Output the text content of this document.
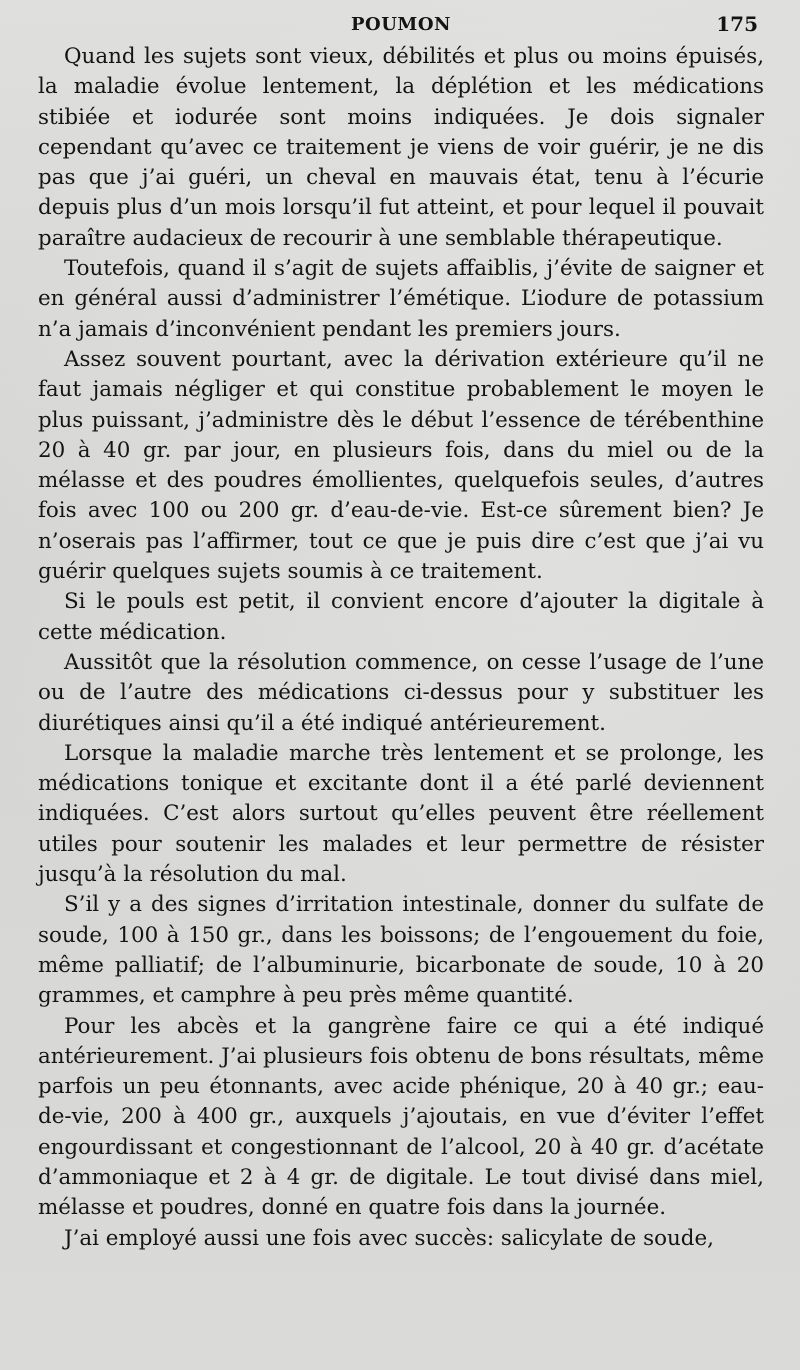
POUMON	175

Quand les sujets sont vieux, débilités et plus ou moins épuisés, la maladie évolue lentement, la déplétion et les médications stibiée et iodurée sont moins indiquées. Je dois signaler cependant qu’avec ce traitement je viens de voir guérir, je ne dis pas que j’ai guéri, un cheval en mauvais état, tenu à l’écurie depuis plus d’un mois lorsqu’il fut atteint, et pour lequel il pouvait paraître audacieux de recourir à une semblable thérapeutique.

Toutefois, quand il s’agit de sujets affaiblis, j’évite de saigner et en général aussi d’administrer l’émétique. L’iodure de potassium n’a jamais d’inconvénient pendant les premiers jours.

Assez souvent pourtant, avec la dérivation extérieure qu’il ne faut jamais négliger et qui constitue probablement le moyen le plus puissant, j’administre dès le début l’essence de térébenthine 20 à 40 gr. par jour, en plusieurs fois, dans du miel ou de la mélasse et des poudres émollientes, quelquefois seules, d’autres fois avec 100 ou 200 gr. d’eau-de-vie. Est-ce sûrement bien? Je n’oserais pas l’affirmer, tout ce que je puis dire c’est que j’ai vu guérir quelques sujets soumis à ce traitement.

Si le pouls est petit, il convient encore d’ajouter la digitale à cette médication.

Aussitôt que la résolution commence, on cesse l’usage de l’une ou de l’autre des médications ci-dessus pour y substituer les diurétiques ainsi qu’il a été indiqué antérieurement.

Lorsque la maladie marche très lentement et se prolonge, les médications tonique et excitante dont il a été parlé deviennent indiquées. C’est alors surtout qu’elles peuvent être réellement utiles pour soutenir les malades et leur permettre de résister jusqu’à la résolution du mal.

S’il y a des signes d’irritation intestinale, donner du sulfate de soude, 100 à 150 gr., dans les boissons; de l’engouement du foie, même palliatif; de l’albuminurie, bicarbonate de soude, 10 à 20 grammes, et camphre à peu près même quantité.

Pour les abcès et la gangrène faire ce qui a été indiqué antérieurement. J’ai plusieurs fois obtenu de bons résultats, même parfois un peu étonnants, avec acide phénique, 20 à 40 gr.; eau-de-vie, 200 à 400 gr., auxquels j’ajoutais, en vue d’éviter l’effet engourdissant et congestionnant de l’alcool, 20 à 40 gr. d’acétate d’ammoniaque et 2 à 4 gr. de digitale. Le tout divisé dans miel, mélasse et poudres, donné en quatre fois dans la journée.

J’ai employé aussi une fois avec succès: salicylate de soude,
